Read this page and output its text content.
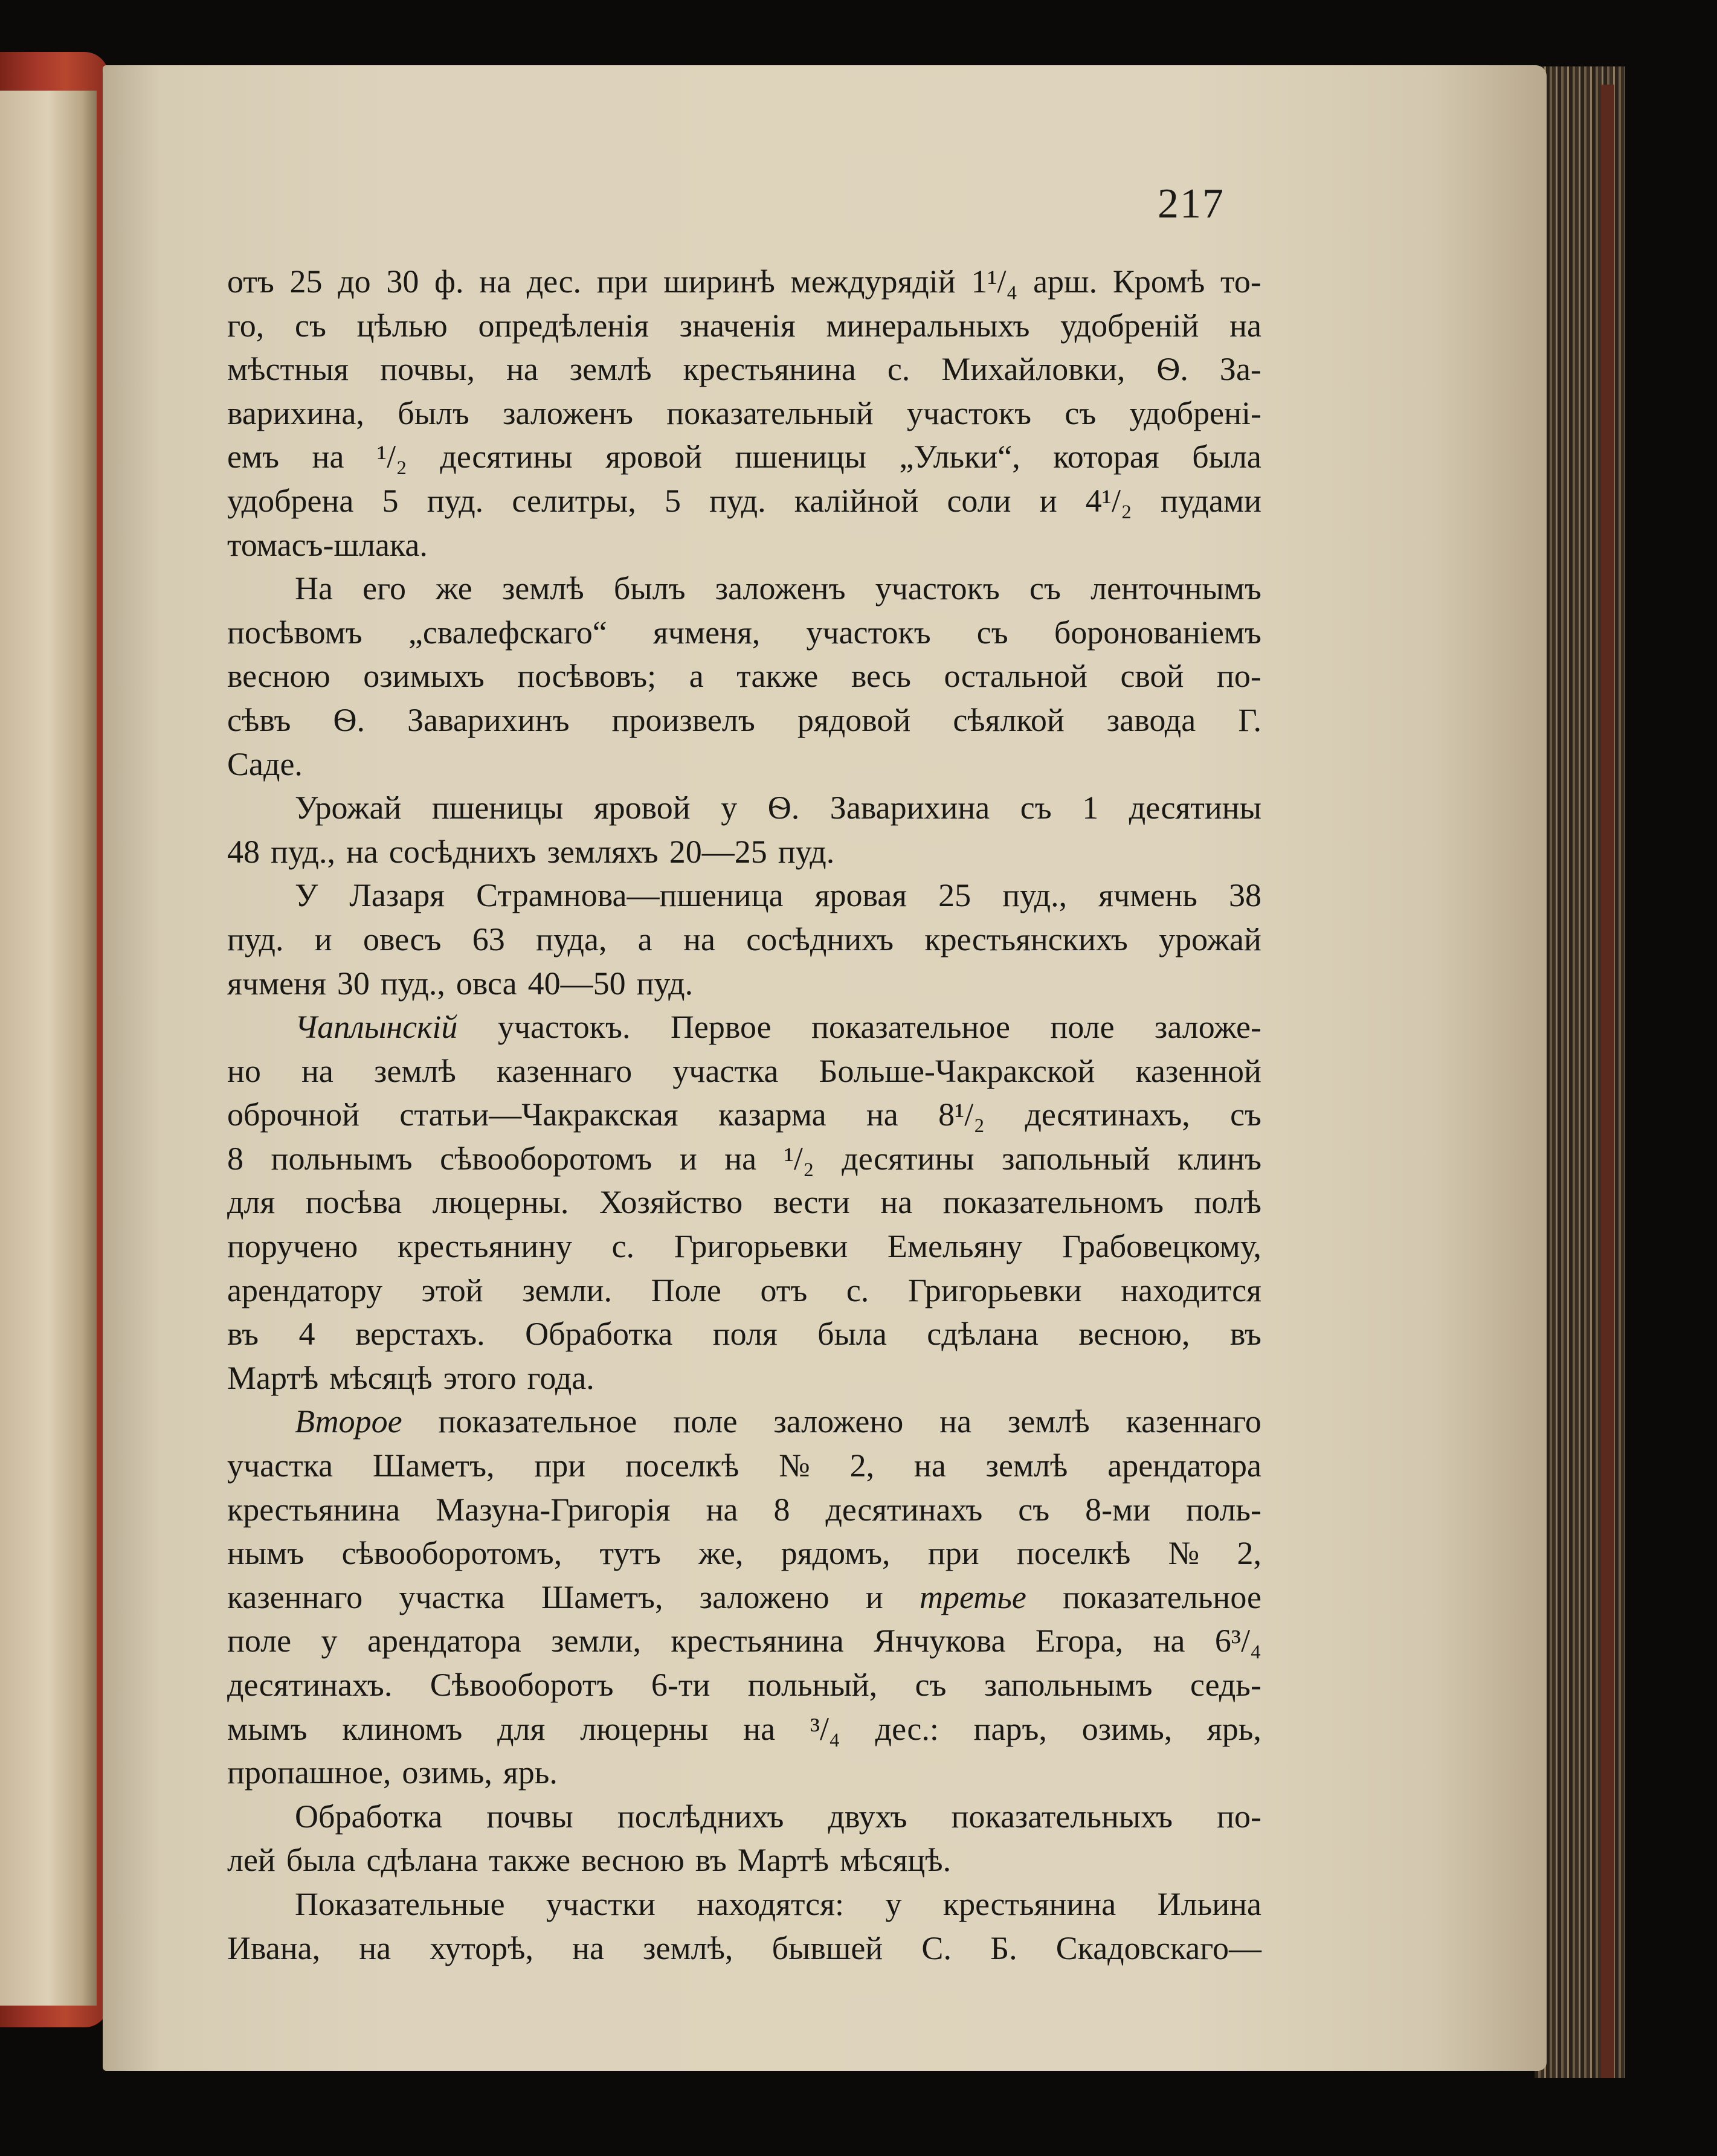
217
отъ 25 до 30 ф. на дес. при ширинѣ междурядій 1¹/₄ арш. Кромѣ то-
го, съ цѣлью опредѣленія значенія минеральныхъ удобреній на
мѣстныя почвы, на землѣ крестьянина с. Михайловки, Ѳ. За-
варихина, былъ заложенъ показательный участокъ съ удобренi-
емъ на ¹/₂ десятины яровой пшеницы „Ульки“, которая была
удобрена 5 пуд. селитры, 5 пуд. калійной соли и 4¹/₂ пудами
томасъ-шлака.
На его же землѣ былъ заложенъ участокъ съ ленточнымъ
посѣвомъ „свалефскаго“ ячменя, участокъ съ боронованіемъ
весною озимыхъ посѣвовъ; а также весь остальной свой по-
сѣвъ Ѳ. Заварихинъ произвелъ рядовой сѣялкой завода Г.
Саде.
Урожай пшеницы яровой у Ѳ. Заварихина съ 1 десятины
48 пуд., на сосѣднихъ земляхъ 20—25 пуд.
У Лазаря Страмнова—пшеница яровая 25 пуд., ячмень 38
пуд. и овесъ 63 пуда, а на сосѣднихъ крестьянскихъ урожай
ячменя 30 пуд., овса 40—50 пуд.
Чаплынскій участокъ. Первое показательное поле заложе-
но на землѣ казеннаго участка Больше-Чакракской казенной
оброчной статьи—Чакракская казарма на 8¹/₂ десятинахъ, съ
8 польнымъ сѣвооборотомъ и на ¹/₂ десятины запольный клинъ
для посѣва люцерны. Хозяйство вести на показательномъ полѣ
поручено крестьянину с. Григорьевки Емельяну Грабовецкому,
арендатору этой земли. Поле отъ с. Григорьевки находится
въ 4 верстахъ. Обработка поля была сдѣлана весною, въ
Мартѣ мѣсяцѣ этого года.
Второе показательное поле заложено на землѣ казеннаго
участка Шаметъ, при поселкѣ № 2, на землѣ арендатора
крестьянина Мазуна-Григорія на 8 десятинахъ съ 8-ми поль-
нымъ сѣвооборотомъ, тутъ же, рядомъ, при поселкѣ № 2,
казеннаго участка Шаметъ, заложено и третье показательное
поле у арендатора земли, крестьянина Янчукова Егора, на 6³/₄
десятинахъ. Сѣвооборотъ 6-ти польный, съ запольнымъ седь-
мымъ клиномъ для люцерны на ³/₄ дес.: паръ, озимь, ярь,
пропашное, озимь, ярь.
Обработка почвы послѣднихъ двухъ показательныхъ по-
лей была сдѣлана также весною въ Мартѣ мѣсяцѣ.
Показательные участки находятся: у крестьянина Ильина
Ивана, на хуторѣ, на землѣ, бывшей С. Б. Скадовскаго—
